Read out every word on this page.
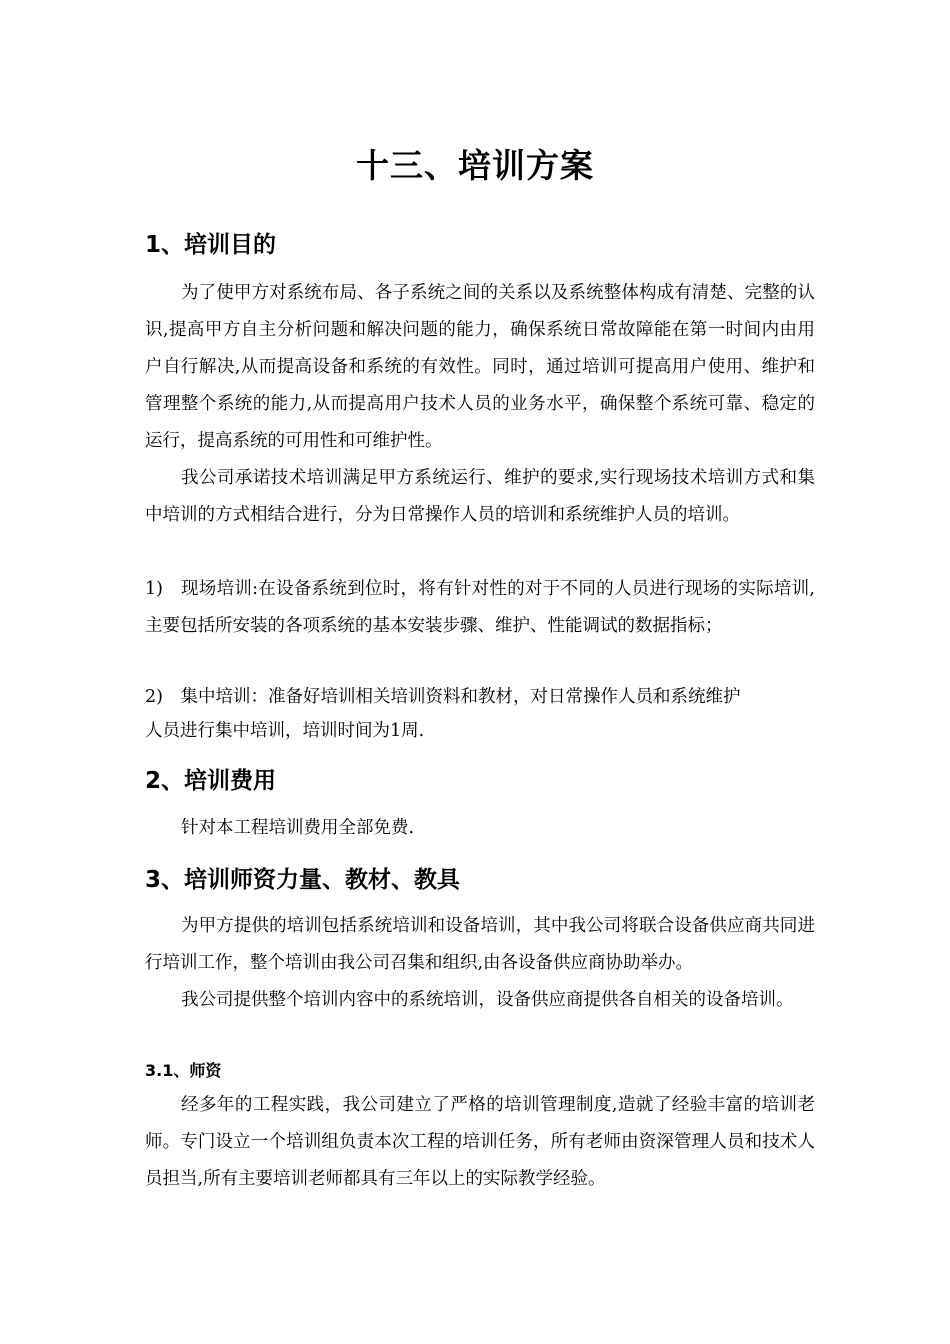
十三、培训方案
1、培训目的
为了使甲方对系统布局、各子系统之间的关系以及系统整体构成有清楚、完整的认识,提高甲方自主分析问题和解决问题的能力，确保系统日常故障能在第一时间内由用户自行解决,从而提高设备和系统的有效性。同时，通过培训可提高用户使用、维护和管理整个系统的能力,从而提高用户技术人员的业务水平，确保整个系统可靠、稳定的运行，提高系统的可用性和可维护性。
我公司承诺技术培训满足甲方系统运行、维护的要求,实行现场技术培训方式和集中培训的方式相结合进行，分为日常操作人员的培训和系统维护人员的培训。
1)　现场培训:在设备系统到位时，将有针对性的对于不同的人员进行现场的实际培训,主要包括所安装的各项系统的基本安装步骤、维护、性能调试的数据指标；
2)　集中培训：准备好培训相关培训资料和教材，对日常操作人员和系统维护
人员进行集中培训，培训时间为1周.
2、培训费用
针对本工程培训费用全部免费.
3、培训师资力量、教材、教具
为甲方提供的培训包括系统培训和设备培训，其中我公司将联合设备供应商共同进行培训工作，整个培训由我公司召集和组织,由各设备供应商协助举办。
我公司提供整个培训内容中的系统培训，设备供应商提供各自相关的设备培训。
3.1、师资
经多年的工程实践，我公司建立了严格的培训管理制度,造就了经验丰富的培训老师。专门设立一个培训组负责本次工程的培训任务，所有老师由资深管理人员和技术人员担当,所有主要培训老师都具有三年以上的实际教学经验。
